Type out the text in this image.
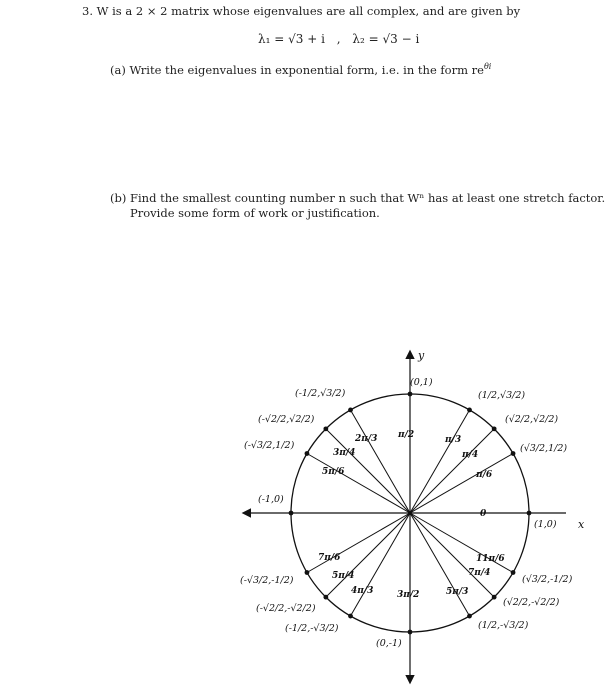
3. W is a 2 × 2 matrix whose eigenvalues are all complex, and are given by
λ₁ = √3 + i , λ₂ = √3 − i
(a) Write the eigenvalues in exponential form, i.e. in the form $re^{\theta i}$
(b) Find the smallest counting number n such that Wⁿ has at least one stretch factor.
Provide some form of work or justification.
y
x
0
(1,0)
(√3/2,1/2)
(√2/2,√2/2)
(1/2,√3/2)
(0,1)
(-1/2,√3/2)
(-√2/2,√2/2)
(-√3/2,1/2)
(-1,0)
(-√3/2,-1/2)
(-√2/2,-√2/2)
(-1/2,-√3/2)
(0,-1)
(1/2,-√3/2)
(√2/2,-√2/2)
(√3/2,-1/2)
π/6
π/4
π/3
π/2
2π/3
3π/4
5π/6
7π/6
5π/4
4π/3	3π/2	5π/3
7π/4
11π/6
